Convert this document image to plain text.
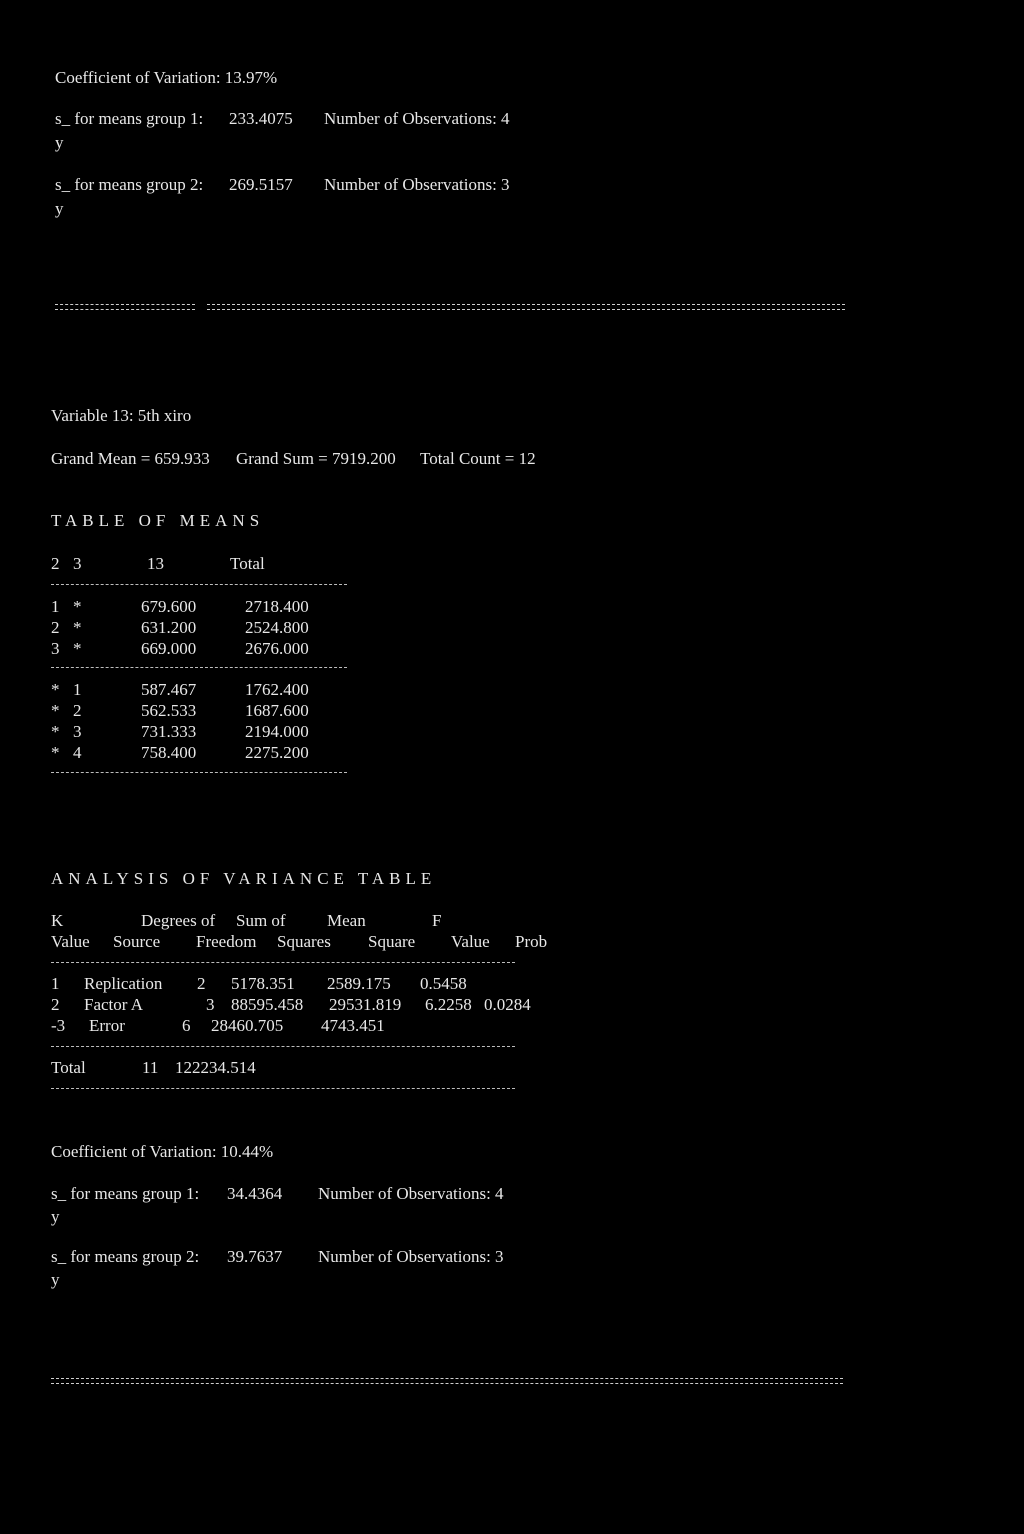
Coefficient of Variation: 13.97%
s_ for means group 1: 233.4075 Number of Observations: 4
y
s_ for means group 2: 269.5157 Number of Observations: 3
y
Variable 13: 5th xiro
Grand Mean = 659.933 Grand Sum = 7919.200 Total Count = 12
TABLE OF MEANS
2 3	13	Total
1 *	679.600	2718.400
2 *	631.200	2524.800
3 *	669.000	2676.000
* 1	587.467	1762.400
* 2	562.533	1687.600
* 3	731.333	2194.000
* 4	758.400	2275.200
ANALYSIS OF VARIANCE TABLE
K	Degrees of Sum of Mean	F
Value Source Freedom Squares Square Value Prob
1 Replication 2 5178.351 2589.175 0.5458
2 Factor A	3 88595.458 29531.819 6.2258 0.0284
-3 Error	6 28460.705 4743.451
Total	11 122234.514
Coefficient of Variation: 10.44%
s_ for means group 1: 34.4364 Number of Observations: 4
y
s_ for means group 2: 39.7637 Number of Observations: 3
y
